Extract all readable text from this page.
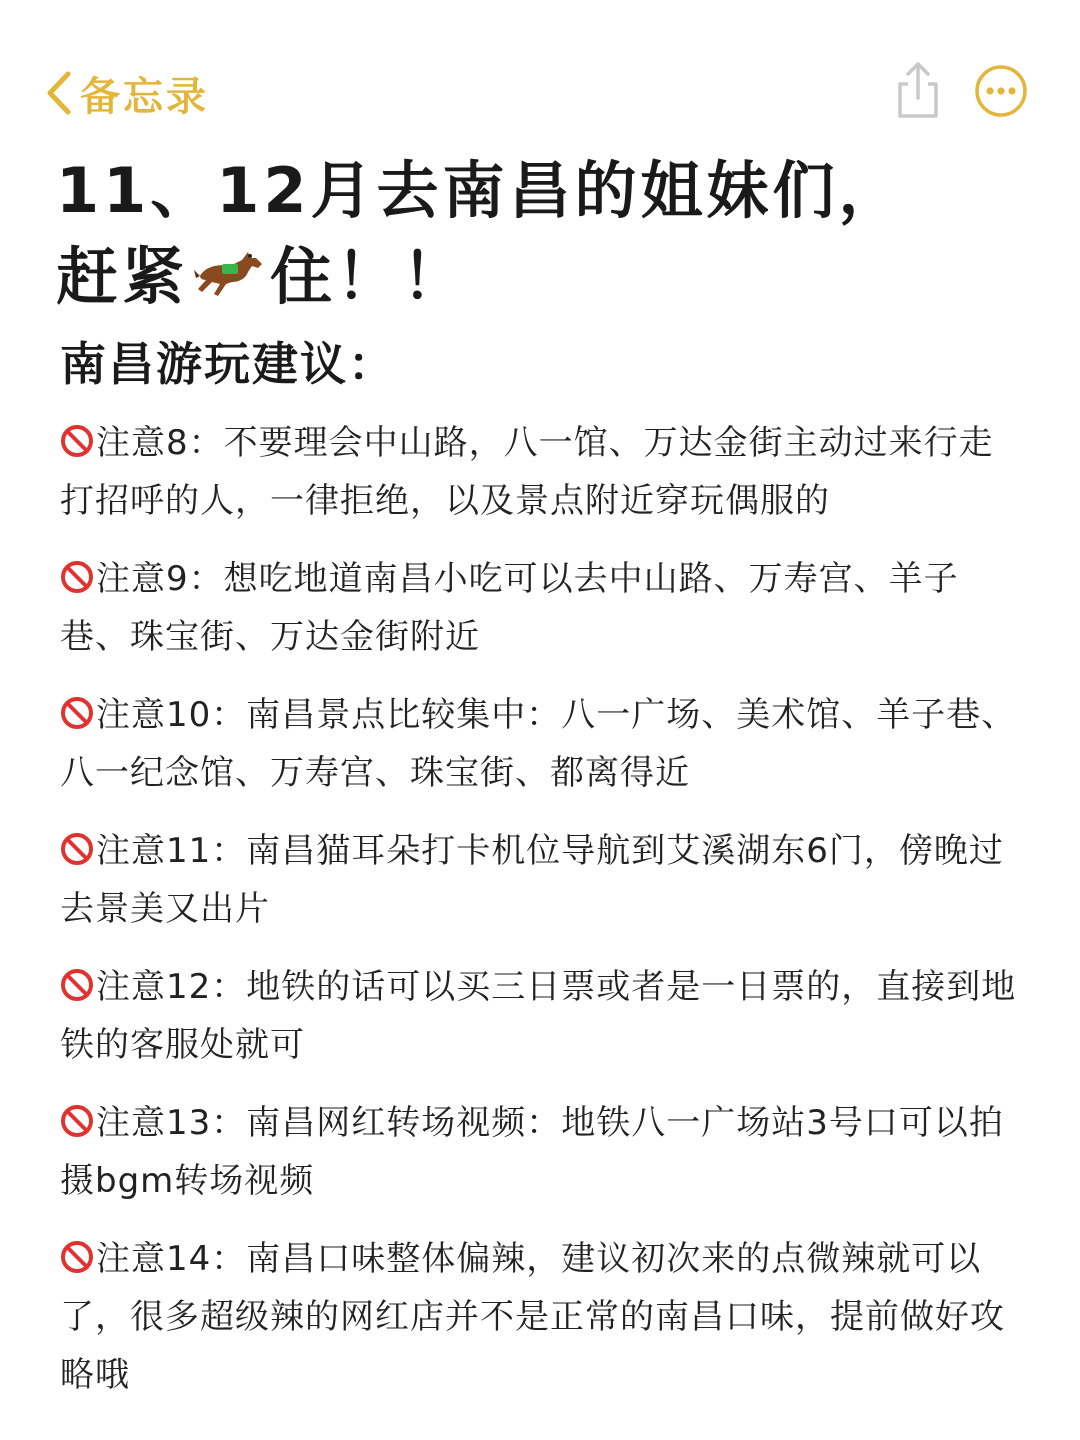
备忘录
11、12月去南昌的姐妹们，
赶紧 住！！
南昌游玩建议：
注意8：不要理会中山路，八一馆、万达金街主动过来行走打招呼的人，一律拒绝，以及景点附近穿玩偶服的
注意9：想吃地道南昌小吃可以去中山路、万寿宫、羊子巷、珠宝街、万达金街附近
注意10：南昌景点比较集中：八一广场、美术馆、羊子巷、八一纪念馆、万寿宫、珠宝街、都离得近
注意11：南昌猫耳朵打卡机位导航到艾溪湖东6门，傍晚过去景美又出片
注意12：地铁的话可以买三日票或者是一日票的，直接到地铁的客服处就可
注意13：南昌网红转场视频：地铁八一广场站3号口可以拍摄bgm转场视频
注意14：南昌口味整体偏辣，建议初次来的点微辣就可以了，很多超级辣的网红店并不是正常的南昌口味，提前做好攻略哦
